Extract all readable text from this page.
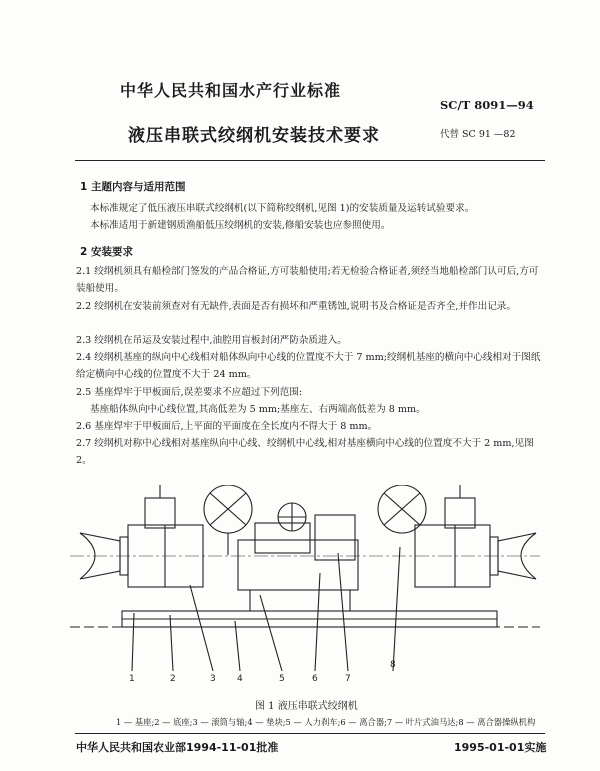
中华人民共和国水产行业标准
SC/T 8091—94
液压串联式绞纲机安装技术要求	代替 SC 91 —82
1 主题内容与适用范围
本标准规定了低压液压串联式绞纲机(以下简称绞纲机,见图 1)的安装质量及运转试验要求。
本标准适用于新建钢质渔船低压绞纲机的安装,修船安装也应参照使用。
2 安装要求
2.1 绞纲机须具有船检部门签发的产品合格证,方可装船使用;若无检验合格证者,须经当地船检部门认可后,方可装船使用。
2.2 绞纲机在安装前须查对有无缺件,表面是否有损坏和严重锈蚀,说明书及合格证是否齐全,并作出记录。
2.3 绞纲机在吊运及安装过程中,油腔用盲板封闭严防杂质进入。
2.4 绞纲机基座的纵向中心线相对船体纵向中心线的位置度不大于 7 mm;绞纲机基座的横向中心线相对于图纸给定横向中心线的位置度不大于 24 mm。
2.5 基座焊牢于甲板面后,误差要求不应超过下列范围:
基座船体纵向中心线位置,其高低差为 5 mm;基座左、右两端高低差为 8 mm。
2.6 基座焊牢于甲板面后,上平面的平面度在全长度内不得大于 8 mm。
2.7 绞纲机对称中心线相对基座纵向中心线、绞纲机中心线,相对基座横向中心线的位置度不大于 2 mm,见图 2。
1	2	3 4	5	6	7
8
图 1 液压串联式绞纲机
1 — 基座;2 — 底座;3 — 滚筒与轴;4 — 垫块;5 — 人力刹车;6 — 离合器;7 — 叶片式油马达;8 — 离合器操纵机构
中华人民共和国农业部1994-11-01批准	1995-01-01实施
